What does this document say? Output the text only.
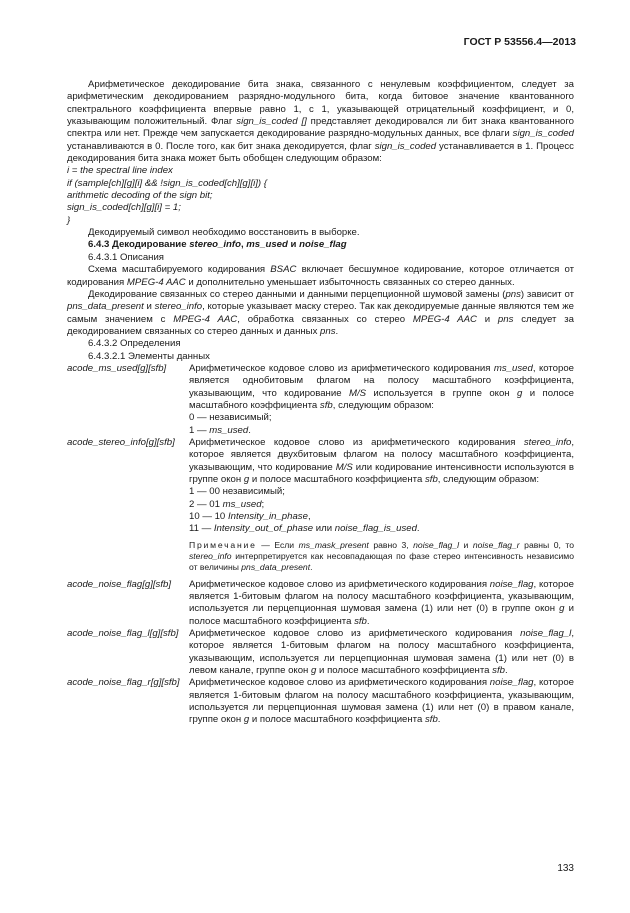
ГОСТ Р 53556.4—2013

Арифметическое декодирование бита знака, связанного с ненулевым коэффициентом, следует за арифметическим декодированием разрядно-модульного бита, когда битовое значение квантованного спектрального коэффициента впервые равно 1, с 1, указывающей отрицательный коэффициент, и 0, указывающим положительный. Флаг sign_is_coded [] представляет декодировался ли бит знака квантованного спектра или нет. Прежде чем запускается декодирование разрядно-модульных данных, все флаги sign_is_coded устанавливаются в 0. После того, как бит знака декодируется, флаг sign_is_coded устанавливается в 1. Процесс декодирования бита знака может быть обобщен следующим образом:

i = the spectral line index
if (sample[ch][g][i] && !sign_is_coded[ch][g][i]) {
arithmetic decoding of the sign bit;
sign_is_coded[ch][g][i] = 1;
}

Декодируемый символ необходимо восстановить в выборке.

6.4.3 Декодирование stereo_info, ms_used и noise_flag
6.4.3.1 Описания

Схема масштабируемого кодирования BSAC включает бесшумное кодирование, которое отличается от кодирования MPEG-4 AAC и дополнительно уменьшает избыточность связанных со стерео данных.

Декодирование связанных со стерео данными и данными перцепционной шумовой замены (pns) зависит от pns_data_present и stereo_info, которые указывает маску стерео. Так как декодируемые данные являются тем же самым значением с MPEG-4 AAC, обработка связанных со стерео MPEG-4 AAC и pns следует за декодированием связанных со стерео данных и данных pns.

6.4.3.2 Определения
6.4.3.2.1 Элементы данных
acode_ms_used[g][sfb]	Арифметическое кодовое слово из арифметического кодирования ms_used, которое является однобитовым флагом на полосу масштабного коэффициента, указывающим, что кодирование M/S используется в группе окон g и полосе масштабного коэффициента sfb, следующим образом:
0 — независимый;
1 — ms_used.
acode_stereo_info[g][sfb]	Арифметическое кодовое слово из арифметического кодирования stereo_info, которое является двухбитовым флагом на полосу масштабного коэффициента, указывающим, что кодирование M/S или кодирование интенсивности используются в группе окон g и полосе масштабного коэффициента sfb, следующим образом:
1 — 00 независимый;
2 — 01 ms_used;
10 — 10 Intensity_in_phase,
11 — Intensity_out_of_phase или noise_flag_is_used.
Примечание — Если ms_mask_present равно 3, noise_flag_l и noise_flag_r равны 0, то stereo_info интерпретируется как несовпадающая по фазе стерео интенсивность независимо от величины pns_data_present.
acode_noise_flag[g][sfb]	Арифметическое кодовое слово из арифметического кодирования noise_flag, которое является 1-битовым флагом на полосу масштабного коэффициента, указывающим, используется ли перцепционная шумовая замена (1) или нет (0) в группе окон g и полосе масштабного коэффициента sfb.
acode_noise_flag_l[g][sfb]	Арифметическое кодовое слово из арифметического кодирования noise_flag_l, которое является 1-битовым флагом на полосу масштабного коэффициента, указывающим, используется ли перцепционная шумовая замена (1) или нет (0) в левом канале, группе окон g и полосе масштабного коэффициента sfb.
acode_noise_flag_r[g][sfb] Арифметическое кодовое слово из арифметического кодирования noise_flag, которое является 1-битовым флагом на полосу масштабного коэффициента, указывающим, используется ли перцепционная шумовая замена (1) или нет (0) в правом канале, группе окон g и полосе масштабного коэффициента sfb.
133
